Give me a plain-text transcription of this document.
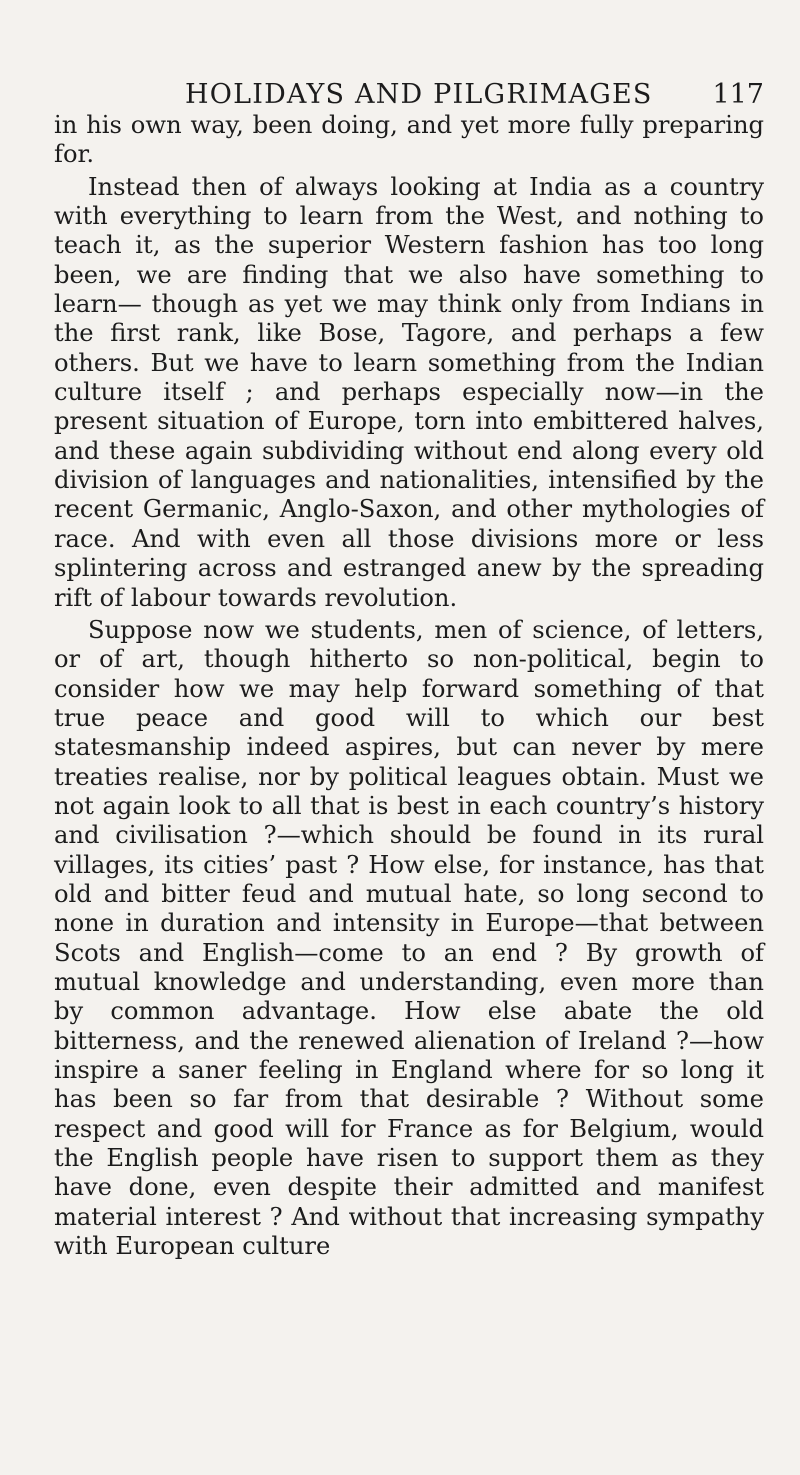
HOLIDAYS AND PILGRIMAGES 117

in his own way, been doing, and yet more fully preparing for.

Instead then of always looking at India as a country with everything to learn from the West, and nothing to teach it, as the superior Western fashion has too long been, we are finding that we also have something to learn— though as yet we may think only from Indians in the first rank, like Bose, Tagore, and perhaps a few others. But we have to learn something from the Indian culture itself ; and perhaps especially now—in the present situation of Europe, torn into embittered halves, and these again subdividing without end along every old division of languages and nationalities, intensified by the recent Germanic, Anglo-Saxon, and other mythologies of race. And with even all those divisions more or less splintering across and estranged anew by the spreading rift of labour towards revolution.

Suppose now we students, men of science, of letters, or of art, though hitherto so non-political, begin to consider how we may help forward something of that true peace and good will to which our best statesmanship indeed aspires, but can never by mere treaties realise, nor by political leagues obtain. Must we not again look to all that is best in each country’s history and civilisation ?—which should be found in its rural villages, its cities’ past ? How else, for instance, has that old and bitter feud and mutual hate, so long second to none in duration and intensity in Europe—that between Scots and English—come to an end ? By growth of mutual knowledge and understanding, even more than by common advantage. How else abate the old bitterness, and the renewed alienation of Ireland ?—how inspire a saner feeling in England where for so long it has been so far from that desirable ? Without some respect and good will for France as for Belgium, would the English people have risen to support them as they have done, even despite their admitted and manifest material interest ? And without that increasing sympathy with European culture
